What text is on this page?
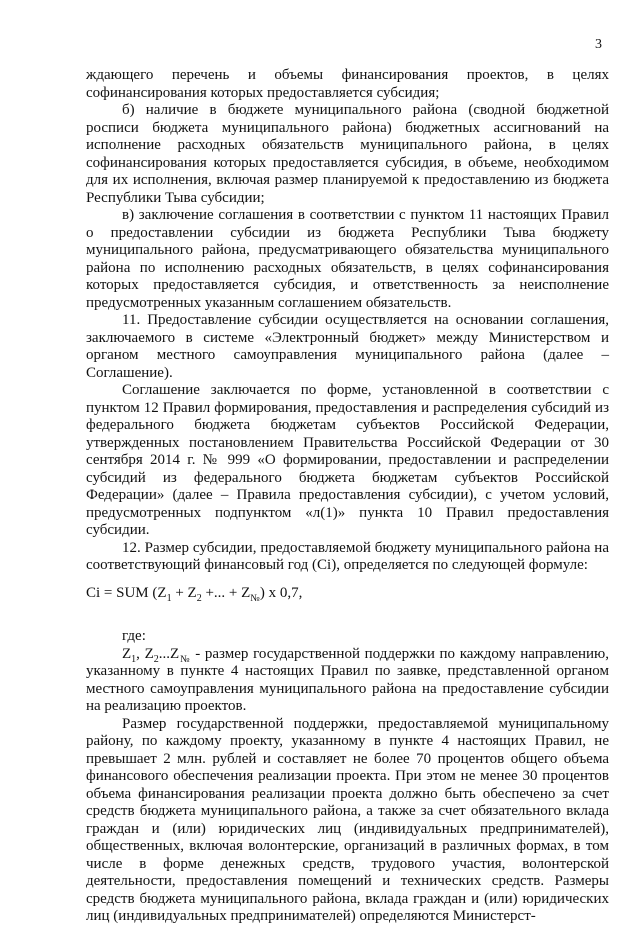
3

ждающего перечень и объемы финансирования проектов, в целях софинансирования которых предоставляется субсидия;

б) наличие в бюджете муниципального района (сводной бюджетной росписи бюджета муниципального района) бюджетных ассигнований на исполнение расходных обязательств муниципального района, в целях софинансирования которых предоставляется субсидия, в объеме, необходимом для их исполнения, включая размер планируемой к предоставлению из бюджета Республики Тыва субсидии;

в) заключение соглашения в соответствии с пунктом 11 настоящих Правил о предоставлении субсидии из бюджета Республики Тыва бюджету муниципального района, предусматривающего обязательства муниципального района по исполнению расходных обязательств, в целях софинансирования которых предоставляется субсидия, и ответственность за неисполнение предусмотренных указанным соглашением обязательств.

11. Предоставление субсидии осуществляется на основании соглашения, заключаемого в системе «Электронный бюджет» между Министерством и органом местного самоуправления муниципального района (далее – Соглашение).

Соглашение заключается по форме, установленной в соответствии с пунктом 12 Правил формирования, предоставления и распределения субсидий из федерального бюджета бюджетам субъектов Российской Федерации, утвержденных постановлением Правительства Российской Федерации от 30 сентября 2014 г. № 999 «О формировании, предоставлении и распределении субсидий из федерального бюджета бюджетам субъектов Российской Федерации» (далее – Правила предоставления субсидии), с учетом условий, предусмотренных подпунктом «л(1)» пункта 10 Правил предоставления субсидии.

12. Размер субсидии, предоставляемой бюджету муниципального района на соответствующий финансовый год (Ci), определяется по следующей формуле:

Ci = SUM ($Z_1 + Z_2$ +... + $Z_№$) x 0,7,

где:

$Z_1$, $Z_2...Z_№$ - размер государственной поддержки по каждому направлению, указанному в пункте 4 настоящих Правил по заявке, представленной органом местного самоуправления муниципального района на предоставление субсидии на реализацию проектов.

Размер государственной поддержки, предоставляемой муниципальному району, по каждому проекту, указанному в пункте 4 настоящих Правил, не превышает 2 млн. рублей и составляет не более 70 процентов общего объема финансового обеспечения реализации проекта. При этом не менее 30 процентов объема финансирования реализации проекта должно быть обеспечено за счет средств бюджета муниципального района, а также за счет обязательного вклада граждан и (или) юридических лиц (индивидуальных предпринимателей), общественных, включая волонтерские, организаций в различных формах, в том числе в форме денежных средств, трудового участия, волонтерской деятельности, предоставления помещений и технических средств. Размеры средств бюджета муниципального района, вклада граждан и (или) юридических лиц (индивидуальных предпринимателей) определяются Министерст-
